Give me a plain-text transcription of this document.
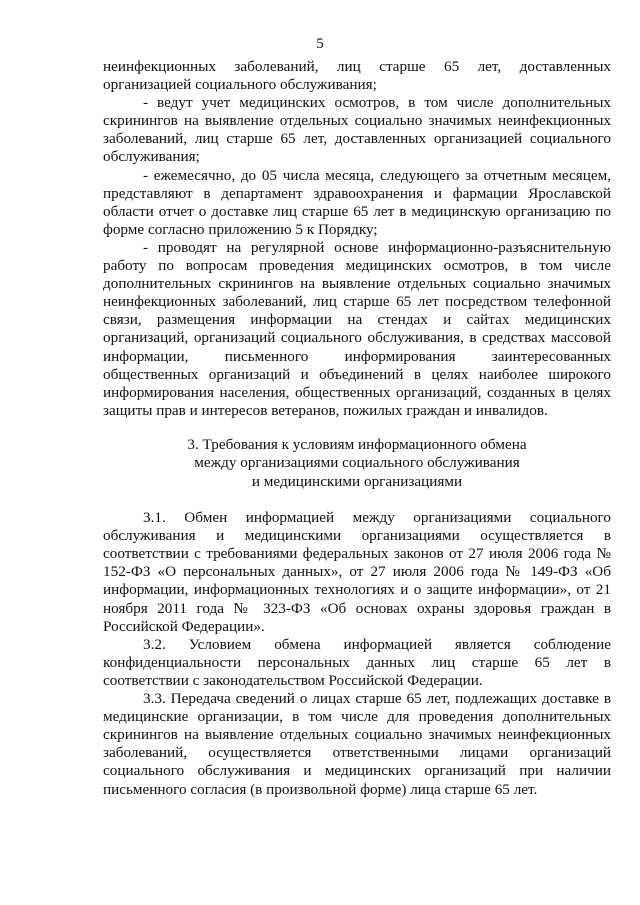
5

неинфекционных заболеваний, лиц старше 65 лет, доставленных организацией социального обслуживания;

- ведут учет медицинских осмотров, в том числе дополнительных скринингов на выявление отдельных социально значимых неинфекционных заболеваний, лиц старше 65 лет, доставленных организацией социального обслуживания;

- ежемесячно, до 05 числа месяца, следующего за отчетным месяцем, представляют в департамент здравоохранения и фармации Ярославской области отчет о доставке лиц старше 65 лет в медицинскую организацию по форме согласно приложению 5 к Порядку;

- проводят на регулярной основе информационно-разъяснительную работу по вопросам проведения медицинских осмотров, в том числе дополнительных скринингов на выявление отдельных социально значимых неинфекционных заболеваний, лиц старше 65 лет посредством телефонной связи, размещения информации на стендах и сайтах медицинских организаций, организаций социального обслуживания, в средствах массовой информации, письменного информирования заинтересованных общественных организаций и объединений в целях наиболее широкого информирования населения, общественных организаций, созданных в целях защиты прав и интересов ветеранов, пожилых граждан и инвалидов.

3. Требования к условиям информационного обмена
между организациями социального обслуживания
и медицинскими организациями

3.1. Обмен информацией между организациями социального обслуживания и медицинскими организациями осуществляется в соответствии с требованиями федеральных законов от 27 июля 2006 года № 152-ФЗ «О персональных данных», от 27 июля 2006 года № 149-ФЗ «Об информации, информационных технологиях и о защите информации», от 21 ноября 2011 года № 323-ФЗ «Об основах охраны здоровья граждан в Российской Федерации».

3.2. Условием обмена информацией является соблюдение конфиденциальности персональных данных лиц старше 65 лет в соответствии с законодательством Российской Федерации.

3.3. Передача сведений о лицах старше 65 лет, подлежащих доставке в медицинские организации, в том числе для проведения дополнительных скринингов на выявление отдельных социально значимых неинфекционных заболеваний, осуществляется ответственными лицами организаций социального обслуживания и медицинских организаций при наличии письменного согласия (в произвольной форме) лица старше 65 лет.
